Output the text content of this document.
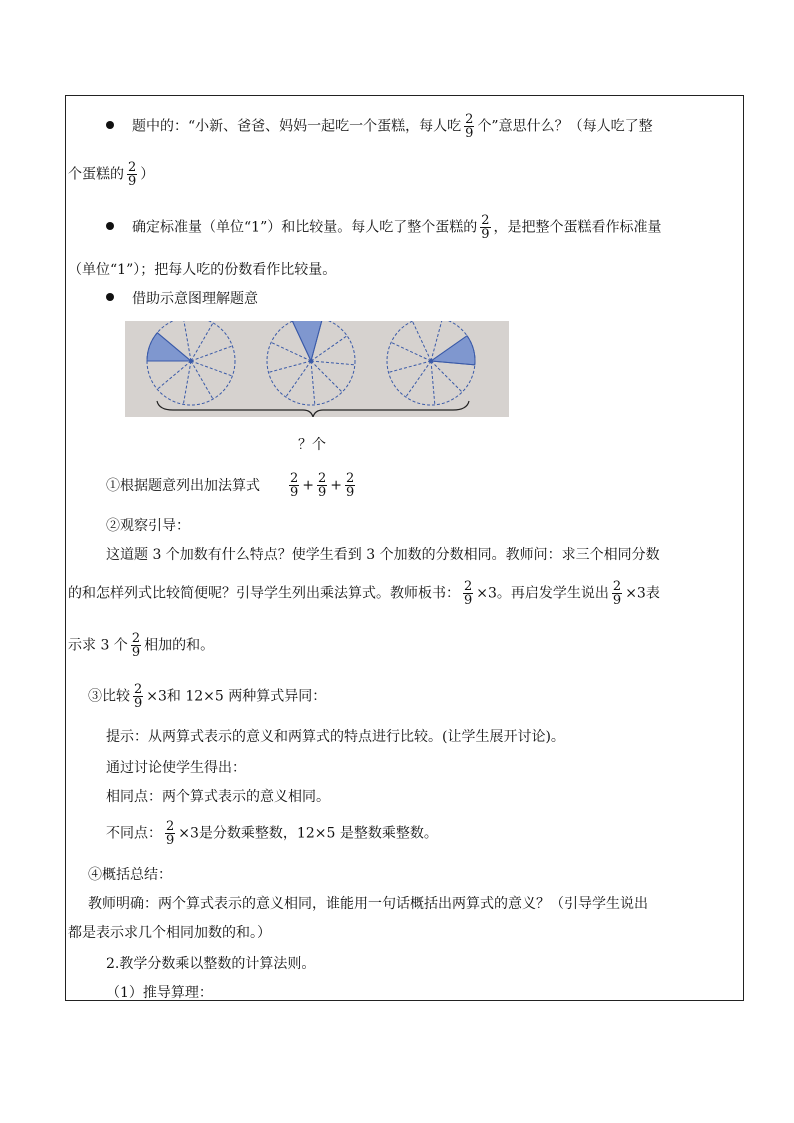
题中的：“小新、爸爸、妈妈一起吃一个蛋糕，每人吃 $\frac{2}{9}$ 个”意思什么？（每人吃了整
个蛋糕的 $\frac{2}{9}$ ）
确定标准量（单位“1”）和比较量。每人吃了整个蛋糕的 $\frac{2}{9}$ ，是把整个蛋糕看作标准量
（单位“1”）；把每人吃的份数看作比较量。
借助示意图理解题意
？个
①根据题意列出加法算式 $\frac{2}{9} + \frac{2}{9} + \frac{2}{9}$
②观察引导：
这道题 3 个加数有什么特点？使学生看到 3 个加数的分数相同。教师问：求三个相同分数
的和怎样列式比较简便呢？引导学生列出乘法算式。教师板书： $\frac{2}{9} \times 3$。再启发学生说出 $\frac{2}{9} \times 3$表
示求 3 个 $\frac{2}{9}$ 相加的和。
③比较 $\frac{2}{9} \times 3$和 12×5 两种算式异同：
提示：从两算式表示的意义和两算式的特点进行比较。(让学生展开讨论)。
通过讨论使学生得出：
相同点：两个算式表示的意义相同。
不同点： $\frac{2}{9} \times 3$是分数乘整数，12×5 是整数乘整数。
④概括总结：
教师明确：两个算式表示的意义相同，谁能用一句话概括出两算式的意义？（引导学生说出
都是表示求几个相同加数的和。）
2.教学分数乘以整数的计算法则。
（1）推导算理：
